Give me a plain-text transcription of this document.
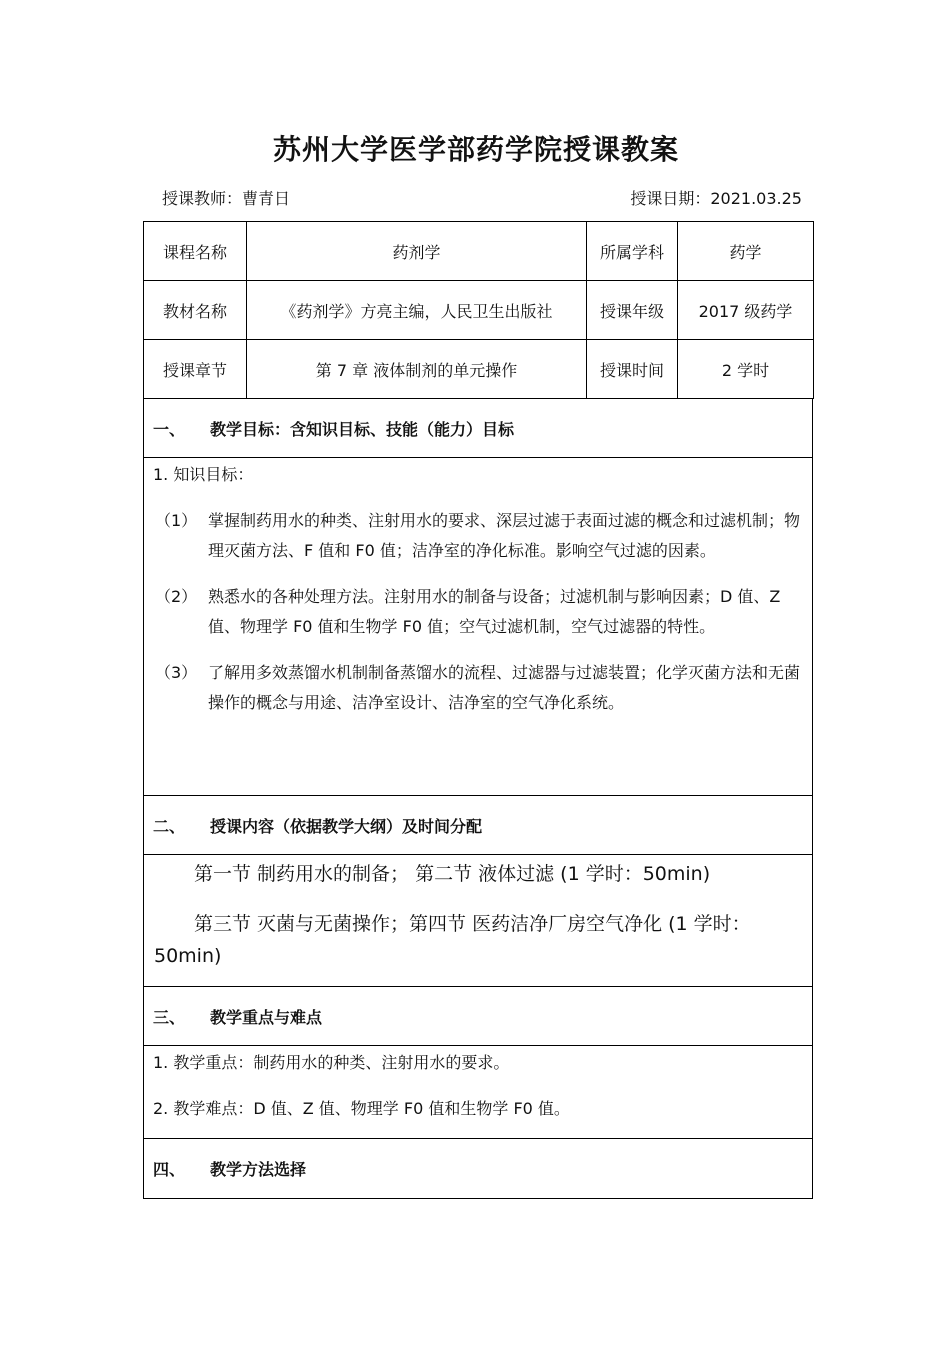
苏州大学医学部药学院授课教案
授课教师：曹青日	授课日期：2021.03.25
课程名称	药剂学	所属学科	药学
教材名称	《药剂学》方亮主编，人民卫生出版社	授课年级	2017 级药学
授课章节	第 7 章 液体制剂的单元操作	授课时间	2 学时
一、	教学目标：含知识目标、技能（能力）目标
1. 知识目标：
（1） 掌握制药用水的种类、注射用水的要求、深层过滤于表面过滤的概念和过滤机制；物理灭菌方法、F 值和 F0 值；洁净室的净化标准。影响空气过滤的因素。
（2） 熟悉水的各种处理方法。注射用水的制备与设备；过滤机制与影响因素；D 值、Z 值、物理学 F0 值和生物学 F0 值；空气过滤机制，空气过滤器的特性。
（3） 了解用多效蒸馏水机制制备蒸馏水的流程、过滤器与过滤装置；化学灭菌方法和无菌操作的概念与用途、洁净室设计、洁净室的空气净化系统。
二、	授课内容（依据教学大纲）及时间分配
第一节 制药用水的制备； 第二节 液体过滤 (1 学时：50min)
第三节 灭菌与无菌操作；第四节 医药洁净厂房空气净化 (1 学时：50min)
三、	教学重点与难点
1. 教学重点：制药用水的种类、注射用水的要求。
2. 教学难点：D 值、Z 值、物理学 F0 值和生物学 F0 值。
四、	教学方法选择
